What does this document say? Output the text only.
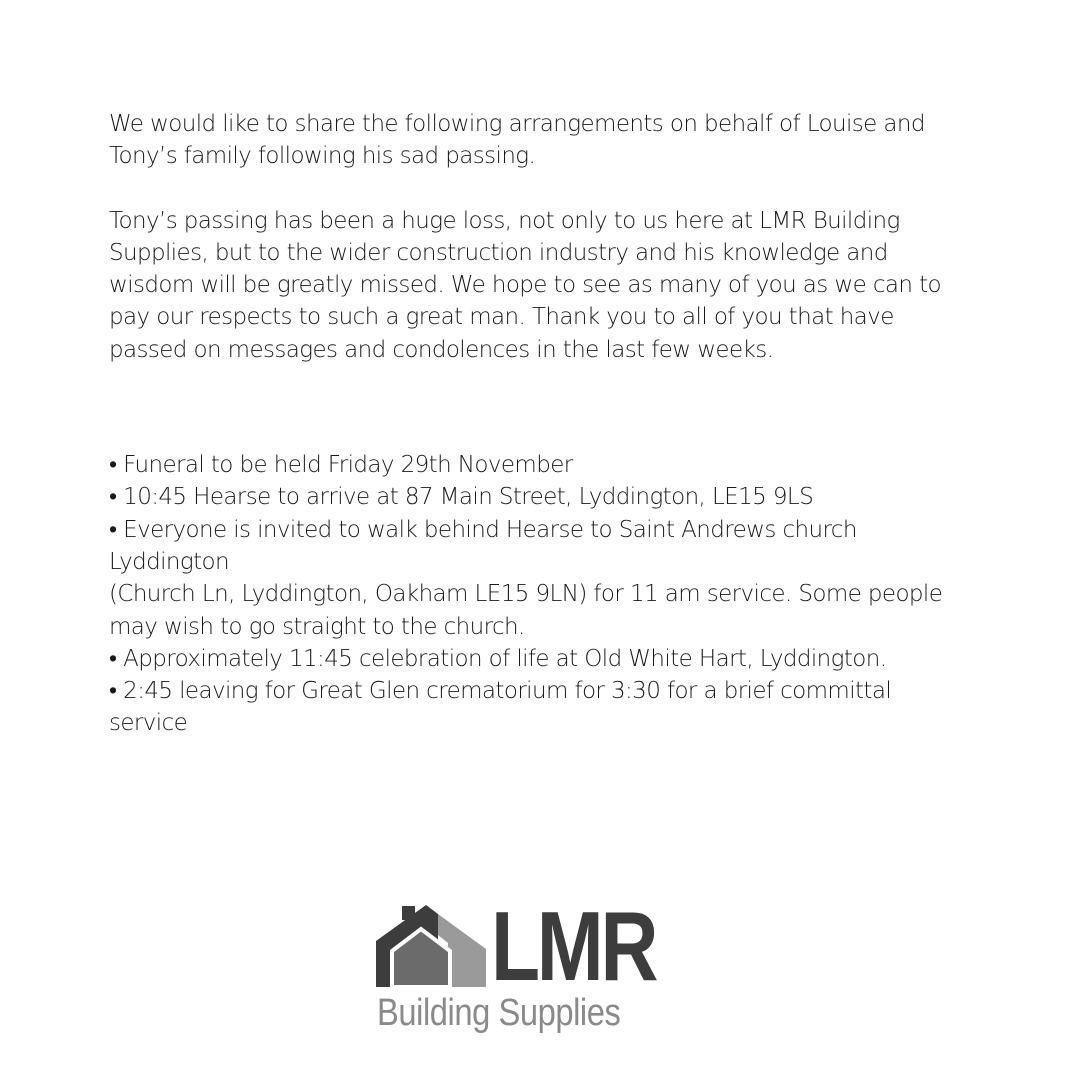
We would like to share the following arrangements on behalf of Louise and
Tony’s family following his sad passing.

Tony’s passing has been a huge loss, not only to us here at LMR Building
Supplies, but to the wider construction industry and his knowledge and
wisdom will be greatly missed. We hope to see as many of you as we can to
pay our respects to such a great man. Thank you to all of you that have
passed on messages and condolences in the last few weeks.

• Funeral to be held Friday 29th November

• 10:45 Hearse to arrive at 87 Main Street, Lyddington, LE15 9LS

• Everyone is invited to walk behind Hearse to Saint Andrews church
Lyddington
(Church Ln, Lyddington, Oakham LE15 9LN) for 11 am service. Some people
may wish to go straight to the church.

• Approximately 11:45 celebration of life at Old White Hart, Lyddington.

• 2:45 leaving for Great Glen crematorium for 3:30 for a brief committal
service

LMR
Building Supplies
